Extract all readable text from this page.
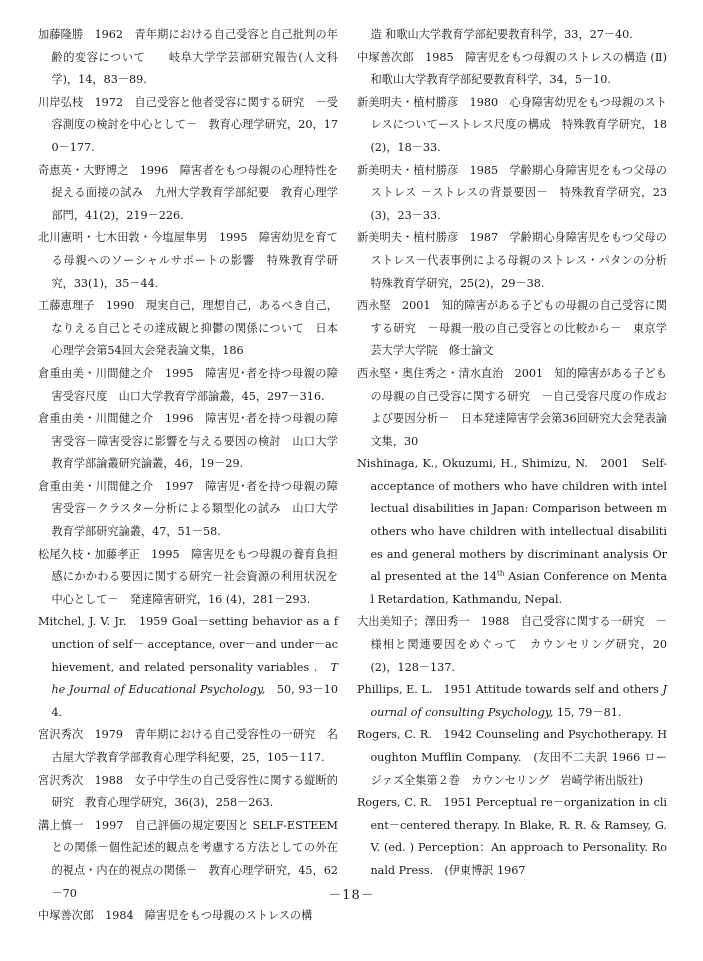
加藤隆勝　1962　青年期における自己受容と自己批判の年齢的変容について　　岐阜大学学芸部研究報告(人文科学)，14，83－89.
川岸弘枝　1972　自己受容と他者受容に関する研究　－受容測度の検討を中心として－　教育心理学研究，20，170－177.
奇恵英・大野博之　1996　障害者をもつ母親の心理特性を捉える面接の試み　九州大学教育学部紀要　教育心理学部門，41(2)，219－226.
北川憲明・七木田敦・今塩屋隼男　1995　障害幼児を育てる母親へのソーシャルサポートの影響　特殊教育学研究，33(1)，35－44.
工藤恵理子　1990　現実自己，理想自己，あるべき自己，なりえる自己とその達成観と抑鬱の関係について　日本心理学会第54回大会発表論文集，186
倉重由美・川間健之介　1995　障害児･者を持つ母親の障害受容尺度　山口大学教育学部論叢，45，297－316.
倉重由美・川間健之介　1996　障害児･者を持つ母親の障害受容－障害受容に影響を与える要因の検討　山口大学教育学部論叢研究論叢，46，19－29.
倉重由美・川間健之介　1997　障害児･者を持つ母親の障害受容－クラスター分析による類型化の試み　山口大学教育学部研究論叢，47，51－58.
松尾久枝・加藤孝正　1995　障害児をもつ母親の養育負担感にかかわる要因に関する研究－社会資源の利用状況を中心として－　発達障害研究，16 (4)，281－293.
Mitchel, J. V. Jr.　1959 Goal－setting behavior as a function of self－ acceptance, over－and under－achievement, and related personality variables .　The Journal of Educational Psychology,　50, 93－104.
宮沢秀次　1979　青年期における自己受容性の一研究　名古屋大学教育学部教育心理学科紀要，25，105－117.
宮沢秀次　1988　女子中学生の自己受容性に関する縦断的研究　教育心理学研究，36(3)，258－263.
溝上慎一　1997　自己評価の規定要因と SELF-ESTEEM との関係－個性記述的観点を考慮する方法としての外在的視点・内在的視点の関係－　教育心理学研究，45，62－70
中塚善次郎　1984　障害児をもつ母親のストレスの構
造 和歌山大学教育学部紀要教育科学，33，27－40.
中塚善次郎　1985　障害児をもつ母親のストレスの構造 (Ⅱ)　和歌山大学教育学部紀要教育科学，34，5－10.
新美明夫・植村勝彦　1980　心身障害幼児をもつ母親のストレスについてーストレス尺度の構成　特殊教育学研究，18(2)，18－33.
新美明夫・植村勝彦　1985　学齢期心身障害児をもつ父母のストレス －ストレスの背景要因－　特殊教育学研究，23 (3)，23－33.
新美明夫・植村勝彦　1987　学齢期心身障害児をもつ父母のストレス－代表事例による母親のストレス・パタンの分析　特殊教育学研究，25(2)，29－38.
西永堅　2001　知的障害がある子どもの母親の自己受容に関する研究　－母親一般の自己受容との比較から－　東京学芸大学大学院　修士論文
西永堅・奥住秀之・清水直治　2001　知的障害がある子どもの母親の自己受容に関する研究　－自己受容尺度の作成および要因分析－　日本発達障害学会第36回研究大会発表論文集，30
Nishinaga, K., Okuzumi, H., Shimizu, N.　2001　Self-acceptance of mothers who have children with intellectual disabilities in Japan: Comparison between mothers who have children with intellectual disabilities and general mothers by discriminant analysis Oral presented at the 14th Asian Conference on Mental Retardation, Kathmandu, Nepal.
大出美知子；澤田秀一　1988　自己受容に関する一研究　－様相と関連要因をめぐって　カウンセリング研究，20(2)，128－137.
Phillips, E. L.　1951 Attitude towards self and others Journal of consulting Psychology, 15, 79－81.
Rogers, C. R.　1942 Counseling and Psychotherapy. Houghton Mufflin Company.　(友田不二夫訳 1966 ロージァズ全集第２巻　カウンセリング　岩崎学術出版社)
Rogers, C. R.　1951 Perceptual re－organization in client－centered therapy. In Blake, R. R. & Ramsey, G. V. (ed. ) Perception：An approach to Personality. Ronald Press.　(伊東博訳 1967
－18－
